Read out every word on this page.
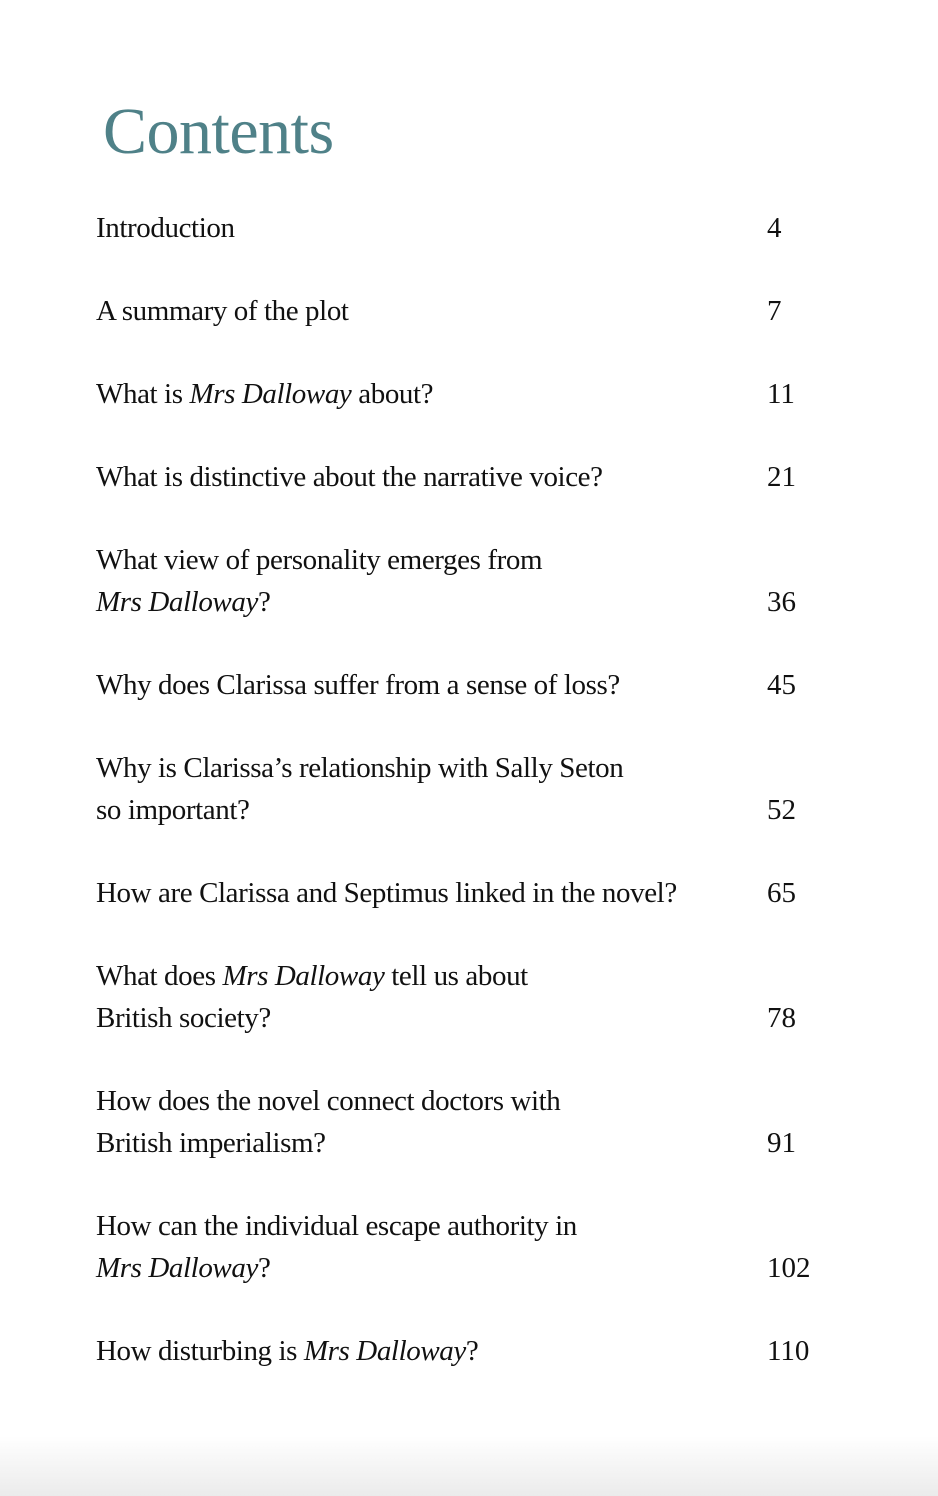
Contents
Introduction	4
A summary of the plot	7
What is Mrs Dalloway about?	11
What is distinctive about the narrative voice?	21
What view of personality emerges from
Mrs Dalloway?	36
Why does Clarissa suffer from a sense of loss?	45
Why is Clarissa’s relationship with Sally Seton
so important?	52
How are Clarissa and Septimus linked in the novel?	65
What does Mrs Dalloway tell us about
British society?	78
How does the novel connect doctors with
British imperialism?	91
How can the individual escape authority in
Mrs Dalloway?	102
How disturbing is Mrs Dalloway?	110
